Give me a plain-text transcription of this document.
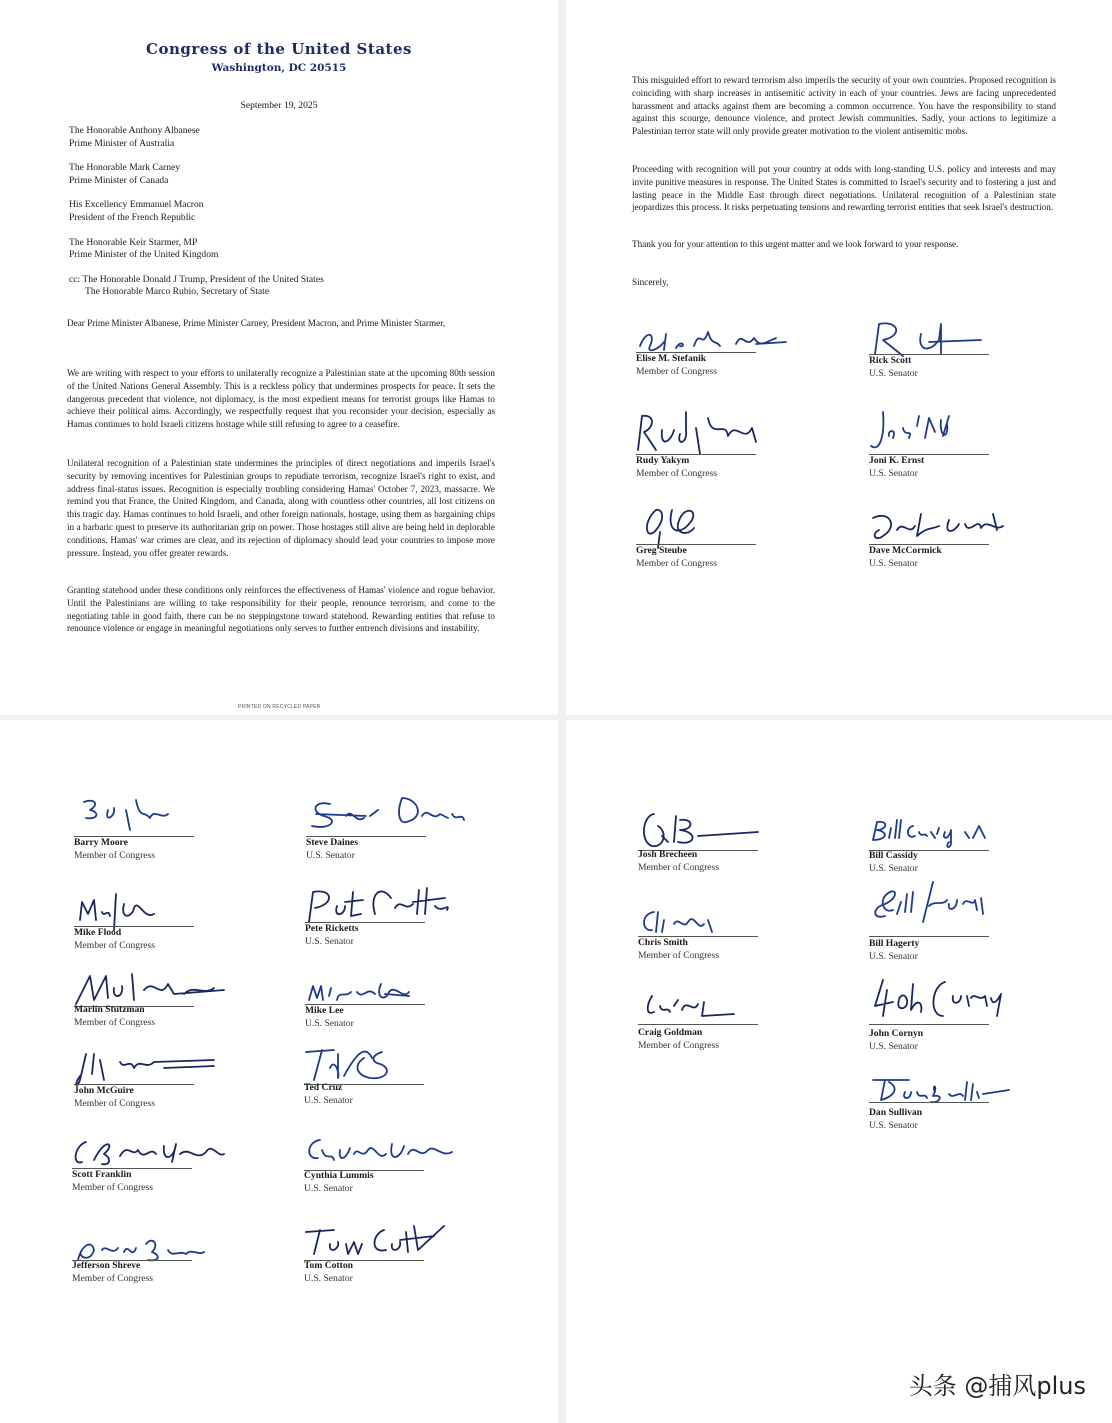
Congress of the United States
Washington, DC 20515
September 19, 2025
The Honorable Anthony Albanese
Prime Minister of Australia
The Honorable Mark Carney
Prime Minister of Canada
His Excellency Emmanuel Macron
President of the French Republic
The Honorable Keir Starmer, MP
Prime Minister of the United Kingdom
cc: The Honorable Donald J Trump, President of the United States
The Honorable Marco Rubio, Secretary of State
Dear Prime Minister Albanese, Prime Minister Carney, President Macron, and Prime Minister Starmer,
We are writing with respect to your efforts to unilaterally recognize a Palestinian state at the upcoming 80th session of the United Nations General Assembly. This is a reckless policy that undermines prospects for peace. It sets the dangerous precedent that violence, not diplomacy, is the most expedient means for terrorist groups like Hamas to achieve their political aims. Accordingly, we respectfully request that you reconsider your decision, especially as Hamas continues to hold Israeli citizens hostage while still refusing to agree to a ceasefire.
Unilateral recognition of a Palestinian state undermines the principles of direct negotiations and imperils Israel's security by removing incentives for Palestinian groups to repudiate terrorism, recognize Israel's right to exist, and address final-status issues. Recognition is especially troubling considering Hamas' October 7, 2023, massacre. We remind you that France, the United Kingdom, and Canada, along with countless other countries, all lost citizens on this tragic day. Hamas continues to hold Israeli, and other foreign nationals, hostage, using them as bargaining chips in a barbaric quest to preserve its authoritarian grip on power. Those hostages still alive are being held in deplorable conditions. Hamas' war crimes are clear, and its rejection of diplomacy should lead your countries to impose more pressure. Instead, you offer greater rewards.
Granting statehood under these conditions only reinforces the effectiveness of Hamas' violence and rogue behavior. Until the Palestinians are willing to take responsibility for their people, renounce terrorism, and come to the negotiating table in good faith, there can be no steppingstone toward statehood. Rewarding entities that refuse to renounce violence or engage in meaningful negotiations only serves to further entrench divisions and instability.
PRINTED ON RECYCLED PAPER
This misguided effort to reward terrorism also imperils the security of your own countries. Proposed recognition is coinciding with sharp increases in antisemitic activity in each of your countries. Jews are facing unprecedented harassment and attacks against them are becoming a common occurrence. You have the responsibility to stand against this scourge, denounce violence, and protect Jewish communities. Sadly, your actions to legitimize a Palestinian terror state will only provide greater motivation to the violent antisemitic mobs.
Proceeding with recognition will put your country at odds with long-standing U.S. policy and interests and may invite punitive measures in response. The United States is committed to Israel's security and to fostering a just and lasting peace in the Middle East through direct negotiations. Unilateral recognition of a Palestinian state jeopardizes this process. It risks perpetuating tensions and rewarding terrorist entities that seek Israel's destruction.
Thank you for your attention to this urgent matter and we look forward to your response.
Sincerely,
Elise M. Stefanik
Member of Congress
Rick Scott
U.S. Senator
Rudy Yakym
Member of Congress
Joni K. Ernst
U.S. Senator
Greg Steube
Member of Congress
Dave McCormick
U.S. Senator
Barry Moore
Member of Congress
Mike Flood
Member of Congress
Marlin Stutzman
Member of Congress
John McGuire
Member of Congress
Scott Franklin
Member of Congress
Jefferson Shreve
Member of Congress
Steve Daines
U.S. Senator
Pete Ricketts
U.S. Senator
Mike Lee
U.S. Senator
Ted Cruz
U.S. Senator
Cynthia Lummis
U.S. Senator
Tom Cotton
U.S. Senator
Josh Brecheen
Member of Congress
Chris Smith
Member of Congress
Craig Goldman
Member of Congress
Bill Cassidy
U.S. Senator
Bill Hagerty
U.S. Senator
John Cornyn
U.S. Senator
Dan Sullivan
U.S. Senator
头条 @捕风plus
